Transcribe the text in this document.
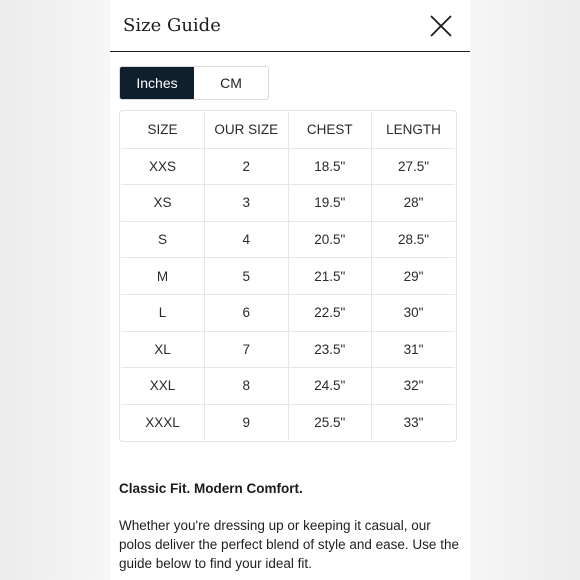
Size Guide
Inches	CM
SIZE	OUR SIZE	CHEST	LENGTH
XXS	2	18.5"	27.5"
XS	3	19.5"	28"
S	4	20.5"	28.5"
M	5	21.5"	29"
L	6	22.5"	30"
XL	7	23.5"	31"
XXL	8	24.5"	32"
XXXL	9	25.5"	33"
Classic Fit. Modern Comfort.
Whether you're dressing up or keeping it casual, our polos deliver the perfect blend of style and ease. Use the guide below to find your ideal fit.
